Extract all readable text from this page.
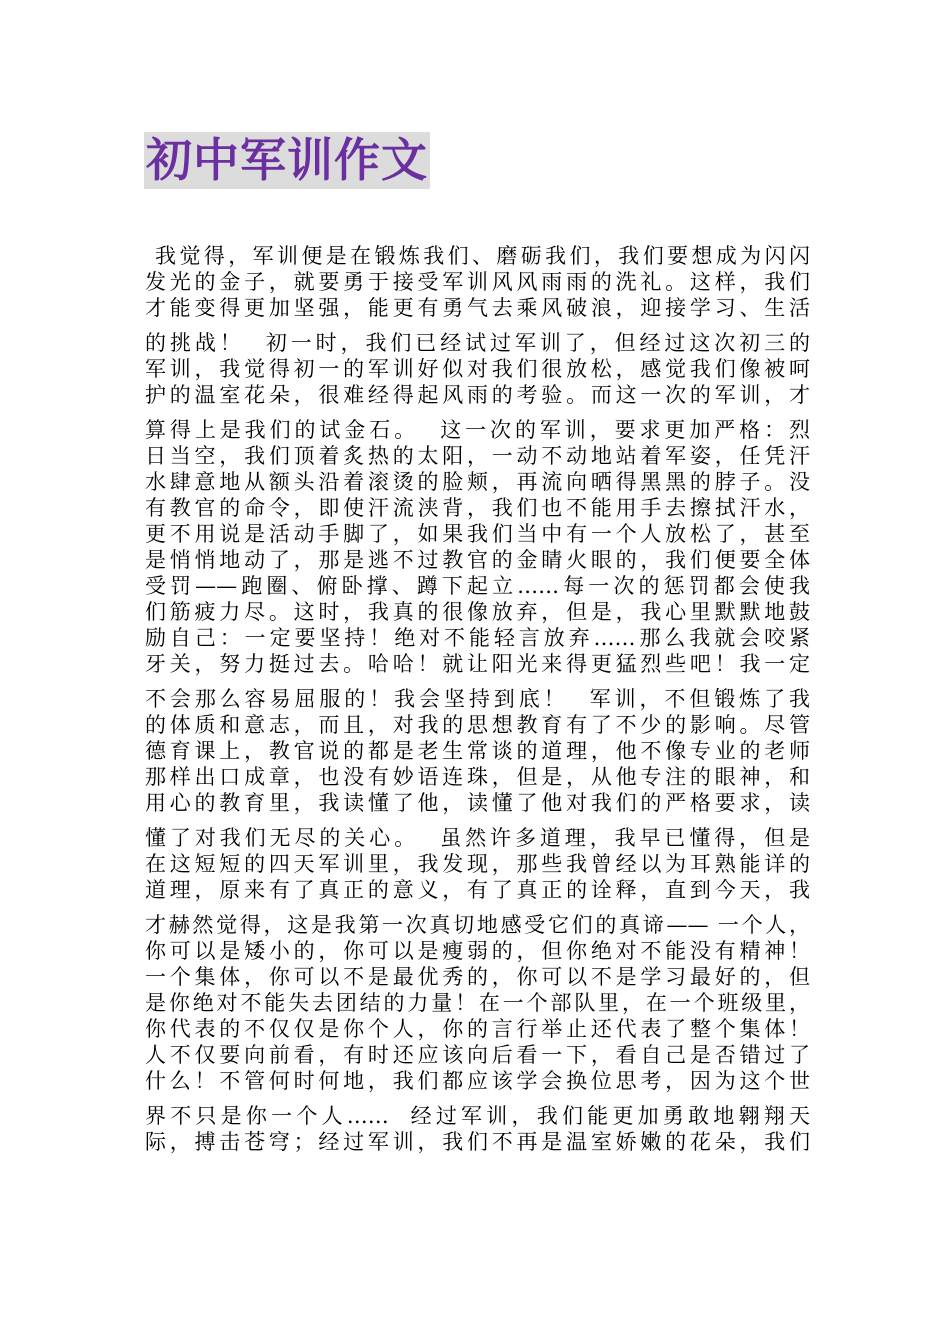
初中军训作文
我觉得，军训便是在锻炼我们、磨砺我们，我们要想成为闪闪
发光的金子，就要勇于接受军训风风雨雨的洗礼。这样，我们
才能变得更加坚强，能更有勇气去乘风破浪，迎接学习、生活
的挑战！  初一时，我们已经试过军训了，但经过这次初三的
军训，我觉得初一的军训好似对我们很放松，感觉我们像被呵
护的温室花朵，很难经得起风雨的考验。而这一次的军训，才
算得上是我们的试金石。  这一次的军训，要求更加严格：烈
日当空，我们顶着炙热的太阳，一动不动地站着军姿，任凭汗
水肆意地从额头沿着滚烫的脸颊，再流向晒得黑黑的脖子。没
有教官的命令，即使汗流浃背，我们也不能用手去擦拭汗水，
更不用说是活动手脚了，如果我们当中有一个人放松了，甚至
是悄悄地动了，那是逃不过教官的金睛火眼的，我们便要全体
受罚——跑圈、俯卧撑、蹲下起立……每一次的惩罚都会使我
们筋疲力尽。这时，我真的很像放弃，但是，我心里默默地鼓
励自己：一定要坚持！绝对不能轻言放弃……那么我就会咬紧
牙关，努力挺过去。哈哈！就让阳光来得更猛烈些吧！我一定
不会那么容易屈服的！我会坚持到底！  军训，不但锻炼了我
的体质和意志，而且，对我的思想教育有了不少的影响。尽管
德育课上，教官说的都是老生常谈的道理，他不像专业的老师
那样出口成章，也没有妙语连珠，但是，从他专注的眼神，和
用心的教育里，我读懂了他，读懂了他对我们的严格要求，读
懂了对我们无尽的关心。  虽然许多道理，我早已懂得，但是
在这短短的四天军训里，我发现，那些我曾经以为耳熟能详的
道理，原来有了真正的意义，有了真正的诠释，直到今天，我
才赫然觉得，这是我第一次真切地感受它们的真谛—— 一个人，
你可以是矮小的，你可以是瘦弱的，但你绝对不能没有精神！
一个集体，你可以不是最优秀的，你可以不是学习最好的，但
是你绝对不能失去团结的力量！在一个部队里，在一个班级里，
你代表的不仅仅是你个人，你的言行举止还代表了整个集体！
人不仅要向前看，有时还应该向后看一下，看自己是否错过了
什么！不管何时何地，我们都应该学会换位思考，因为这个世
界不只是你一个人……  经过军训，我们能更加勇敢地翱翔天
际，搏击苍穹；经过军训，我们不再是温室娇嫩的花朵，我们
